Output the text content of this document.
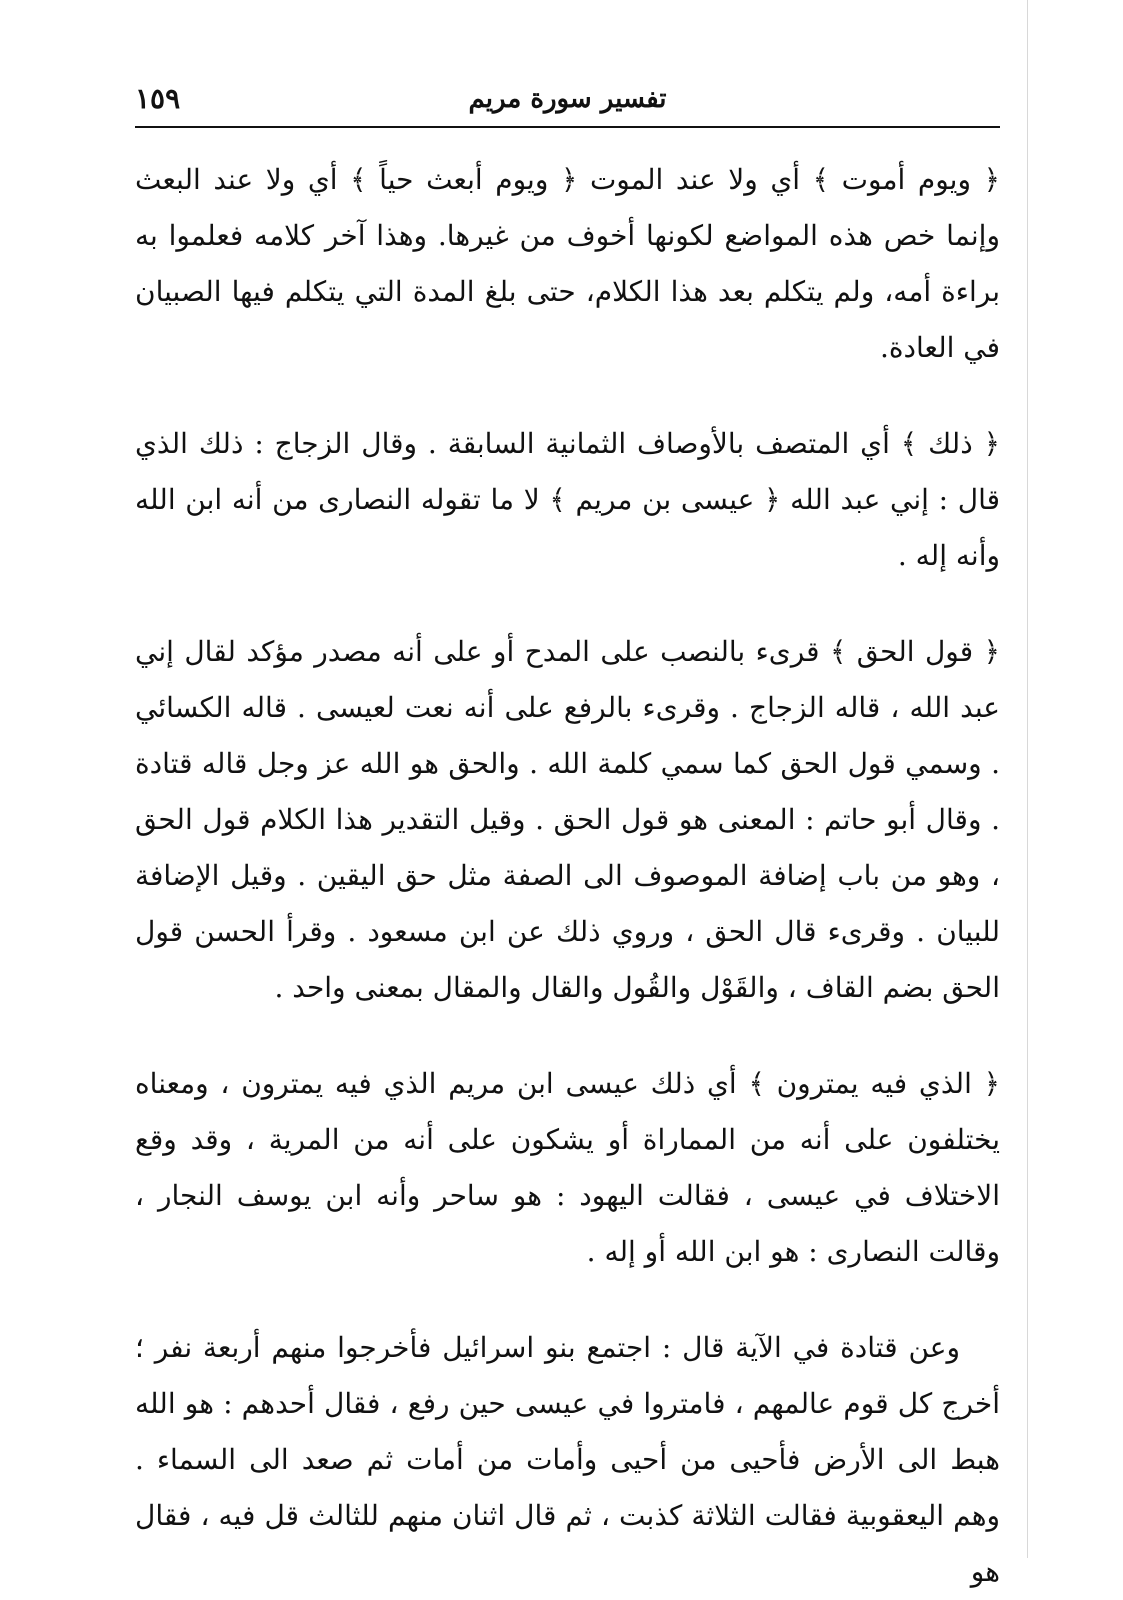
تفسير سورة مريم
١٥٩

﴿ ويوم أموت ﴾ أي ولا عند الموت ﴿ ويوم أبعث حياً ﴾ أي ولا عند البعث وإنما خص هذه المواضع لكونها أخوف من غيرها. وهذا آخر كلامه فعلموا به براءة أمه، ولم يتكلم بعد هذا الكلام، حتى بلغ المدة التي يتكلم فيها الصبيان في العادة.

﴿ ذلك ﴾ أي المتصف بالأوصاف الثمانية السابقة . وقال الزجاج : ذلك الذي قال : إني عبد الله ﴿ عيسى بن مريم ﴾ لا ما تقوله النصارى من أنه ابن الله وأنه إله .

﴿ قول الحق ﴾ قرىء بالنصب على المدح أو على أنه مصدر مؤكد لقال إني عبد الله ، قاله الزجاج . وقرىء بالرفع على أنه نعت لعيسى . قاله الكسائي . وسمي قول الحق كما سمي كلمة الله . والحق هو الله عز وجل قاله قتادة . وقال أبو حاتم : المعنى هو قول الحق . وقيل التقدير هذا الكلام قول الحق ، وهو من باب إضافة الموصوف الى الصفة مثل حق اليقين . وقيل الإضافة للبيان . وقرىء قال الحق ، وروي ذلك عن ابن مسعود . وقرأ الحسن قول الحق بضم القاف ، والقَوْل والقُول والقال والمقال بمعنى واحد .

﴿ الذي فيه يمترون ﴾ أي ذلك عيسى ابن مريم الذي فيه يمترون ، ومعناه يختلفون على أنه من المماراة أو يشكون على أنه من المرية ، وقد وقع الاختلاف في عيسى ، فقالت اليهود : هو ساحر وأنه ابن يوسف النجار ، وقالت النصارى : هو ابن الله أو إله .

وعن قتادة في الآية قال : اجتمع بنو اسرائيل فأخرجوا منهم أربعة نفر ؛ أخرج كل قوم عالمهم ، فامتروا في عيسى حين رفع ، فقال أحدهم : هو الله هبط الى الأرض فأحيى من أحيى وأمات من أمات ثم صعد الى السماء . وهم اليعقوبية فقالت الثلاثة كذبت ، ثم قال اثنان منهم للثالث قل فيه ، فقال هو
